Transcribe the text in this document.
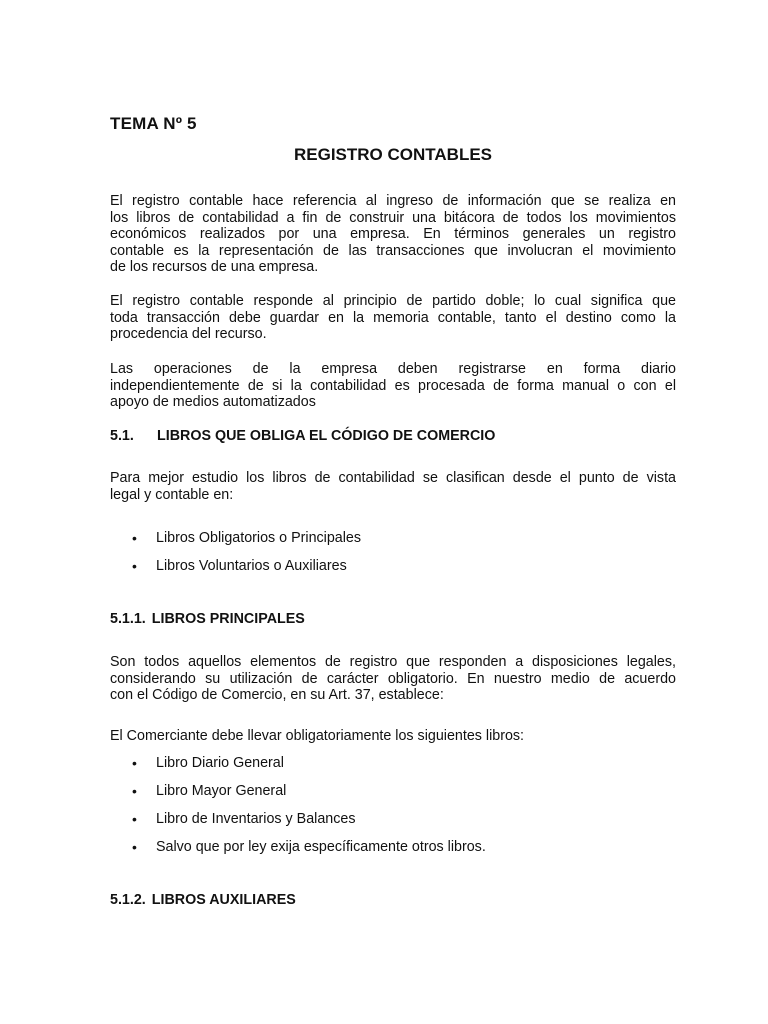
TEMA Nº 5
REGISTRO CONTABLES

El registro contable hace referencia al ingreso de información que se realiza en
los libros de contabilidad a fin de construir una bitácora de todos los movimientos
económicos realizados por una empresa. En términos generales un registro
contable es la representación de las transacciones que involucran el movimiento
de los recursos de una empresa.

El registro contable responde al principio de partido doble; lo cual significa que
toda transacción debe guardar en la memoria contable, tanto el destino como la
procedencia del recurso.

Las operaciones de la empresa deben registrarse en forma diario
independientemente de si la contabilidad es procesada de forma manual o con el
apoyo de medios automatizados

5.1. LIBROS QUE OBLIGA EL CÓDIGO DE COMERCIO

Para mejor estudio los libros de contabilidad se clasifican desde el punto de vista
legal y contable en:

• Libros Obligatorios o Principales
• Libros Voluntarios o Auxiliares
5.1.1. LIBROS PRINCIPALES

Son todos aquellos elementos de registro que responden a disposiciones legales,
considerando su utilización de carácter obligatorio. En nuestro medio de acuerdo
con el Código de Comercio, en su Art. 37, establece:

El Comerciante debe llevar obligatoriamente los siguientes libros:

• Libro Diario General
• Libro Mayor General
• Libro de Inventarios y Balances
• Salvo que por ley exija específicamente otros libros.
5.1.2. LIBROS AUXILIARES
